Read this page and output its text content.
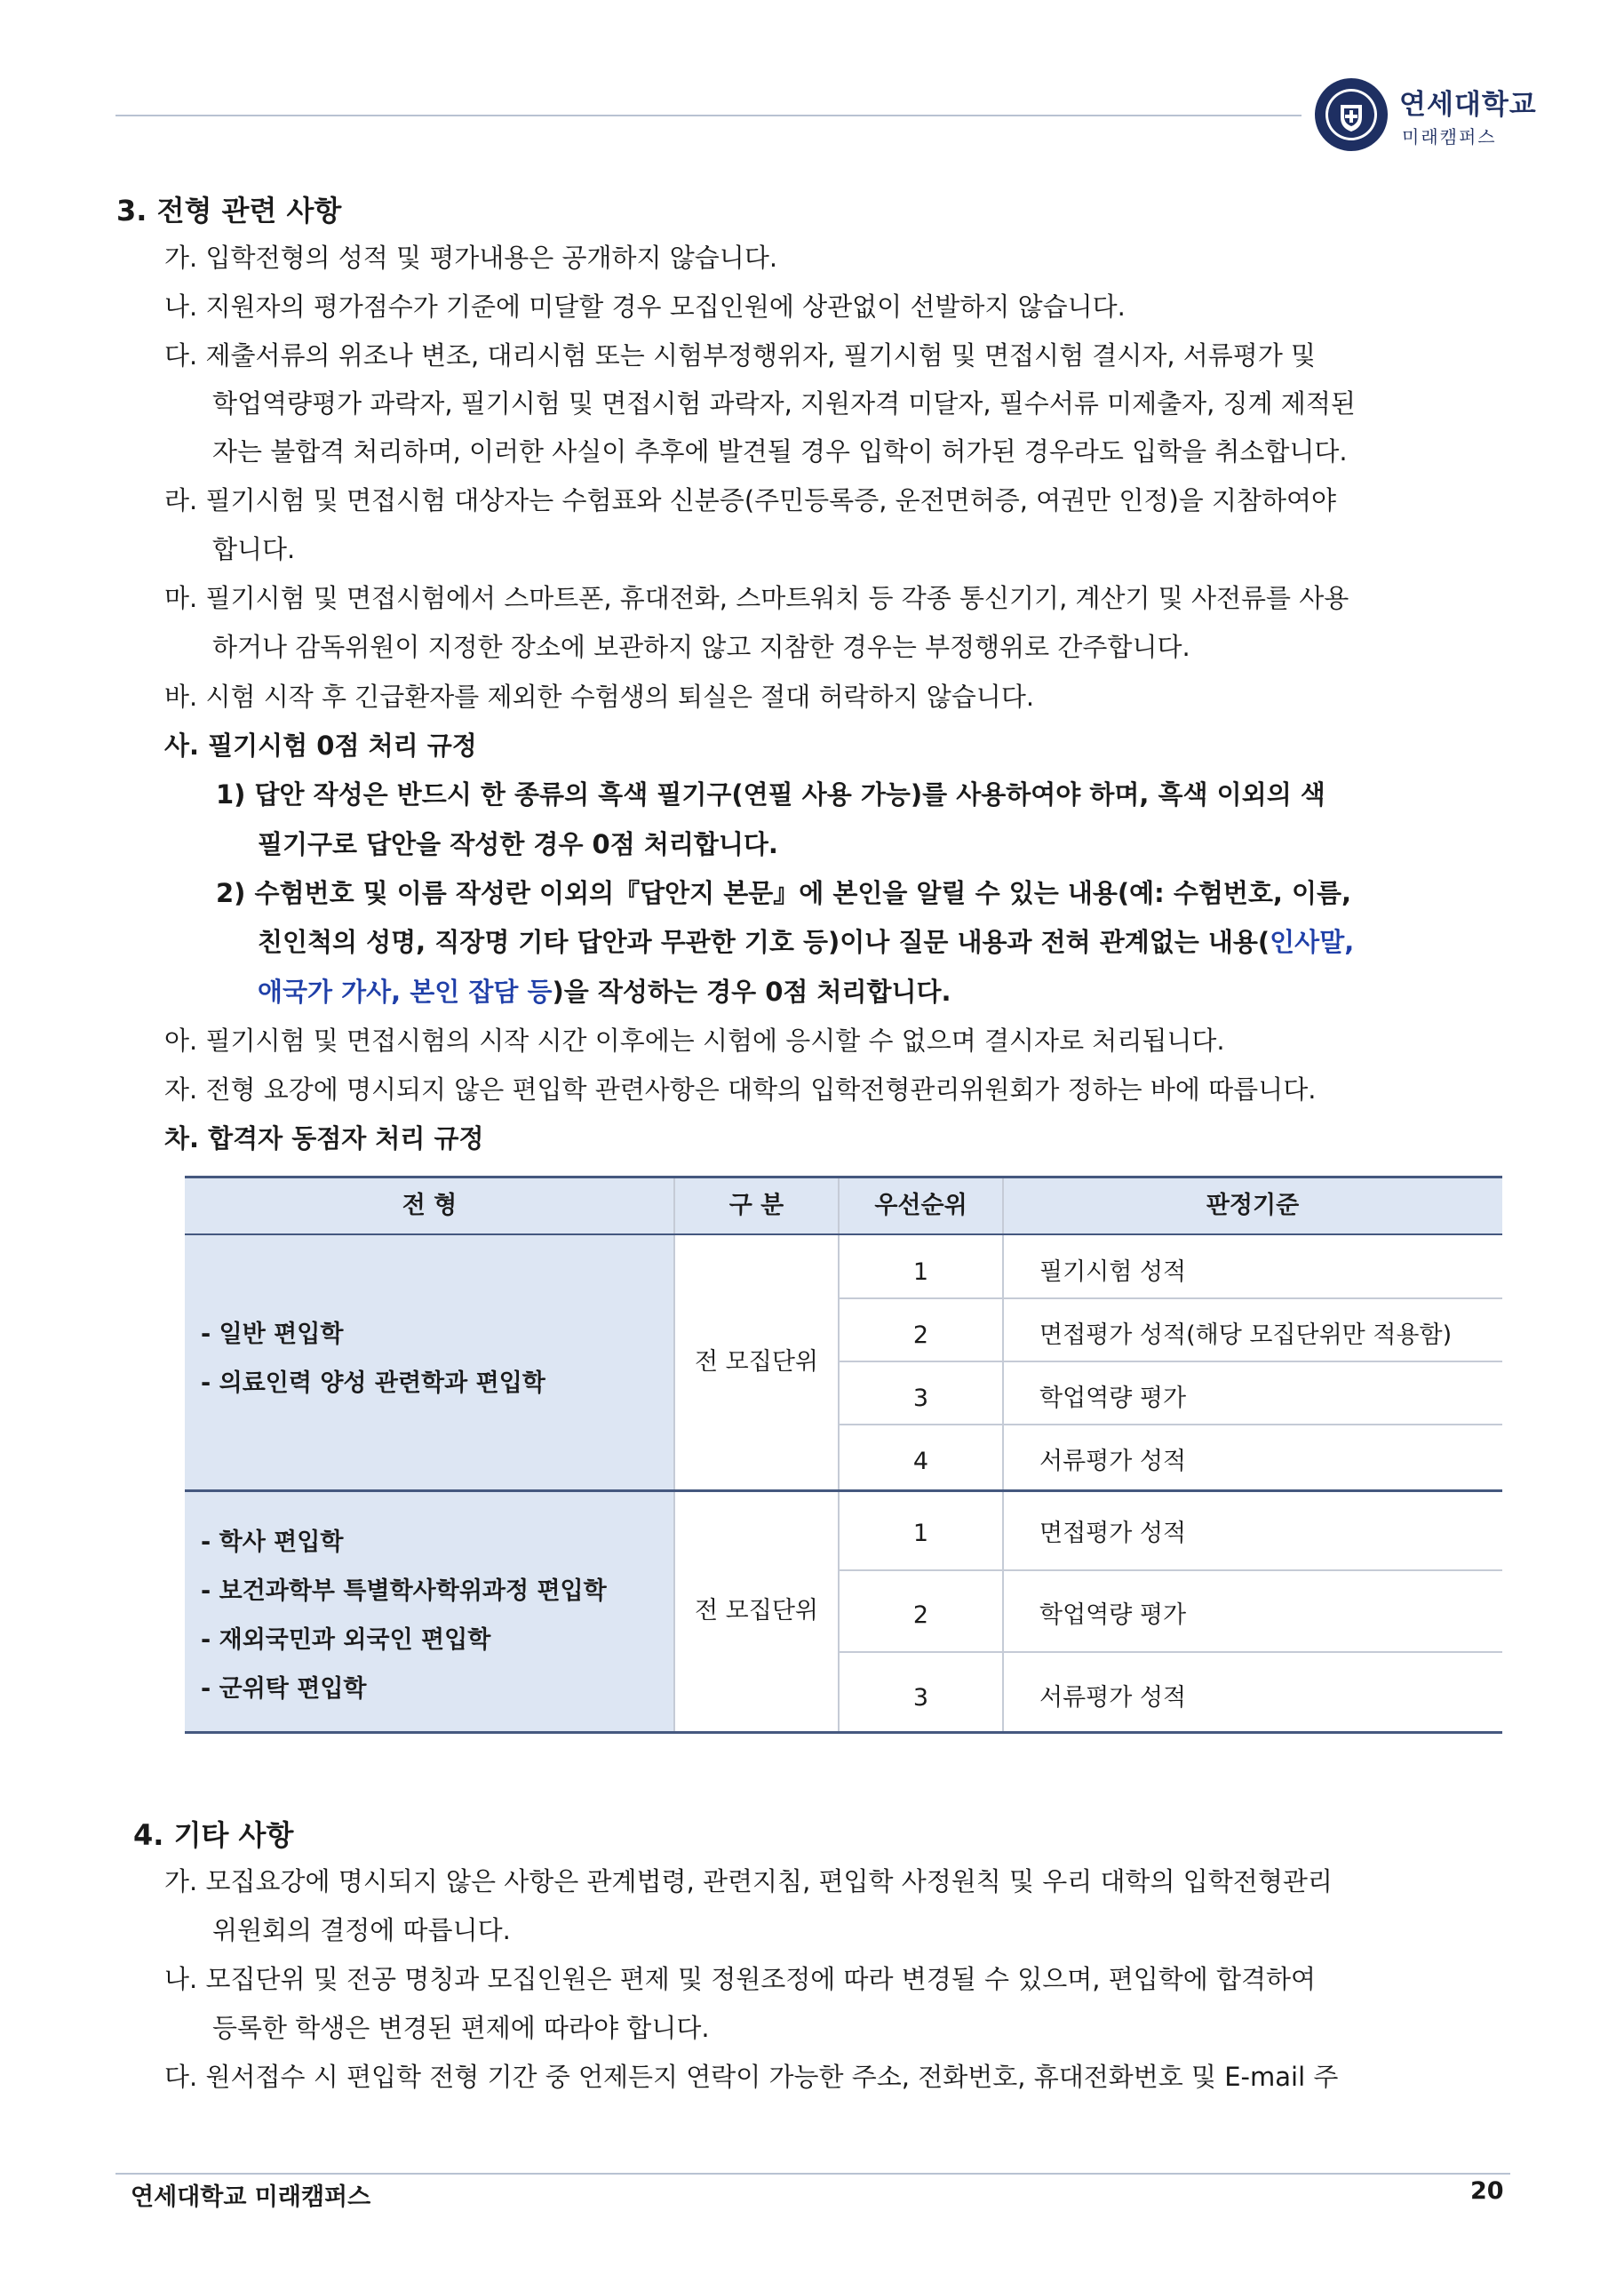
연세대학교
미래캠퍼스
3. 전형 관련 사항
가. 입학전형의 성적 및 평가내용은 공개하지 않습니다.
나. 지원자의 평가점수가 기준에 미달할 경우 모집인원에 상관없이 선발하지 않습니다.
다. 제출서류의 위조나 변조, 대리시험 또는 시험부정행위자, 필기시험 및 면접시험 결시자, 서류평가 및
학업역량평가 과락자, 필기시험 및 면접시험 과락자, 지원자격 미달자, 필수서류 미제출자, 징계 제적된
자는 불합격 처리하며, 이러한 사실이 추후에 발견될 경우 입학이 허가된 경우라도 입학을 취소합니다.
라. 필기시험 및 면접시험 대상자는 수험표와 신분증(주민등록증, 운전면허증, 여권만 인정)을 지참하여야
합니다.
마. 필기시험 및 면접시험에서 스마트폰, 휴대전화, 스마트워치 등 각종 통신기기, 계산기 및 사전류를 사용
하거나 감독위원이 지정한 장소에 보관하지 않고 지참한 경우는 부정행위로 간주합니다.
바. 시험 시작 후 긴급환자를 제외한 수험생의 퇴실은 절대 허락하지 않습니다.
사. 필기시험 0점 처리 규정
1) 답안 작성은 반드시 한 종류의 흑색 필기구(연필 사용 가능)를 사용하여야 하며, 흑색 이외의 색
필기구로 답안을 작성한 경우 0점 처리합니다.
2) 수험번호 및 이름 작성란 이외의『답안지 본문』에 본인을 알릴 수 있는 내용(예: 수험번호, 이름,
친인척의 성명, 직장명 기타 답안과 무관한 기호 등)이나 질문 내용과 전혀 관계없는 내용(인사말,
애국가 가사, 본인 잡담 등)을 작성하는 경우 0점 처리합니다.
아. 필기시험 및 면접시험의 시작 시간 이후에는 시험에 응시할 수 없으며 결시자로 처리됩니다.
자. 전형 요강에 명시되지 않은 편입학 관련사항은 대학의 입학전형관리위원회가 정하는 바에 따릅니다.
차. 합격자 동점자 처리 규정
전 형	구 분	우선순위	판정기준
- 일반 편입학
- 의료인력 양성 관련학과 편입학
전 모집단위
1	필기시험 성적
2	면접평가 성적(해당 모집단위만 적용함)
3	학업역량 평가
4	서류평가 성적
- 학사 편입학
- 보건과학부 특별학사학위과정 편입학
- 재외국민과 외국인 편입학
- 군위탁 편입학
전 모집단위
1	면접평가 성적
2	학업역량 평가
3	서류평가 성적
4. 기타 사항
가. 모집요강에 명시되지 않은 사항은 관계법령, 관련지침, 편입학 사정원칙 및 우리 대학의 입학전형관리
위원회의 결정에 따릅니다.
나. 모집단위 및 전공 명칭과 모집인원은 편제 및 정원조정에 따라 변경될 수 있으며, 편입학에 합격하여
등록한 학생은 변경된 편제에 따라야 합니다.
다. 원서접수 시 편입학 전형 기간 중 언제든지 연락이 가능한 주소, 전화번호, 휴대전화번호 및 E-mail 주
연세대학교 미래캠퍼스	20
